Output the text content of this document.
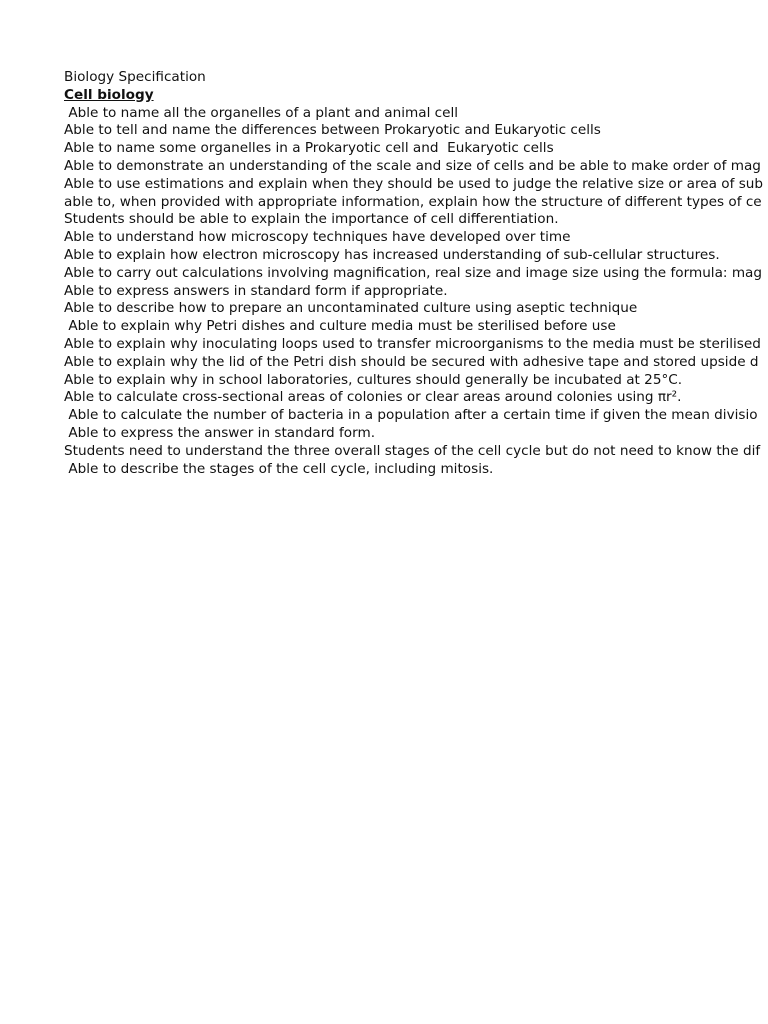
Biology Specification
Cell biology
Able to name all the organelles of a plant and animal cell
Able to tell and name the differences between Prokaryotic and Eukaryotic cells
Able to name some organelles in a Prokaryotic cell and  Eukaryotic cells
Able to demonstrate an understanding of the scale and size of cells and be able to make order of mag
Able to use estimations and explain when they should be used to judge the relative size or area of sub
able to, when provided with appropriate information, explain how the structure of different types of ce
Students should be able to explain the importance of cell differentiation.
Able to understand how microscopy techniques have developed over time
Able to explain how electron microscopy has increased understanding of sub-cellular structures.
Able to carry out calculations involving magnification, real size and image size using the formula: mag
Able to express answers in standard form if appropriate.
Able to describe how to prepare an uncontaminated culture using aseptic technique
Able to explain why Petri dishes and culture media must be sterilised before use
Able to explain why inoculating loops used to transfer microorganisms to the media must be sterilised
Able to explain why the lid of the Petri dish should be secured with adhesive tape and stored upside d
Able to explain why in school laboratories, cultures should generally be incubated at 25°C.
Able to calculate cross-sectional areas of colonies or clear areas around colonies using πr².
Able to calculate the number of bacteria in a population after a certain time if given the mean divisio
Able to express the answer in standard form.
Students need to understand the three overall stages of the cell cycle but do not need to know the dif
Able to describe the stages of the cell cycle, including mitosis.
